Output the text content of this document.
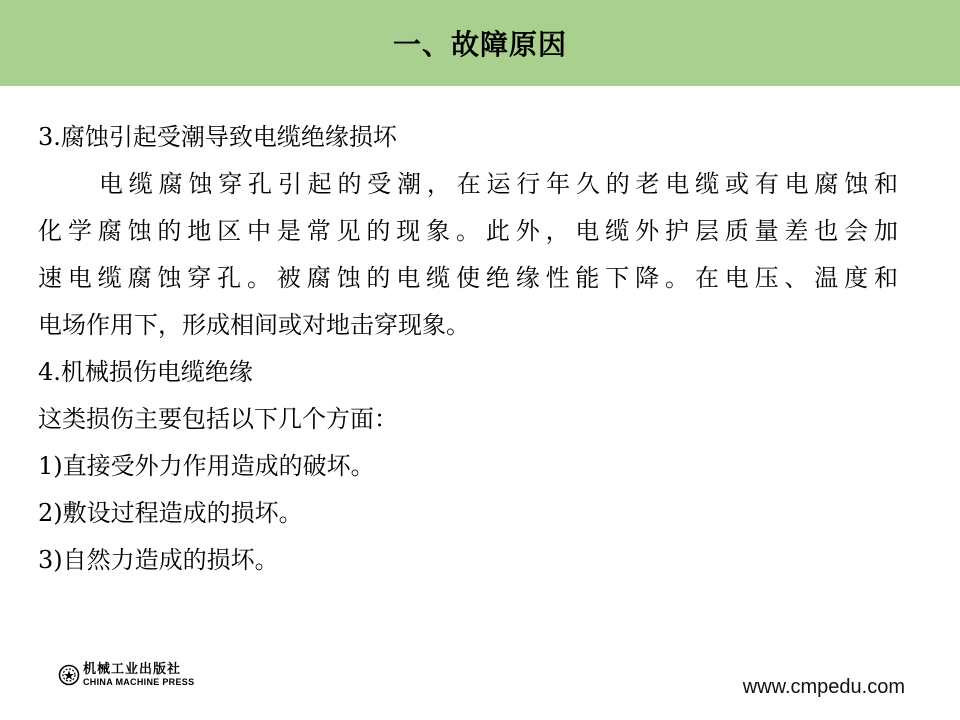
一、故障原因
3.腐蚀引起受潮导致电缆绝缘损坏
电缆腐蚀穿孔引起的受潮，在运行年久的老电缆或有电腐蚀和
化学腐蚀的地区中是常见的现象。此外，电缆外护层质量差也会加
速电缆腐蚀穿孔。被腐蚀的电缆使绝缘性能下降。在电压、温度和
电场作用下，形成相间或对地击穿现象。
4.机械损伤电缆绝缘
这类损伤主要包括以下几个方面：
1)直接受外力作用造成的破坏。
2)敷设过程造成的损坏。
3)自然力造成的损坏。
机械工业出版社
CHINA MACHINE PRESS	www.cmpedu.com
